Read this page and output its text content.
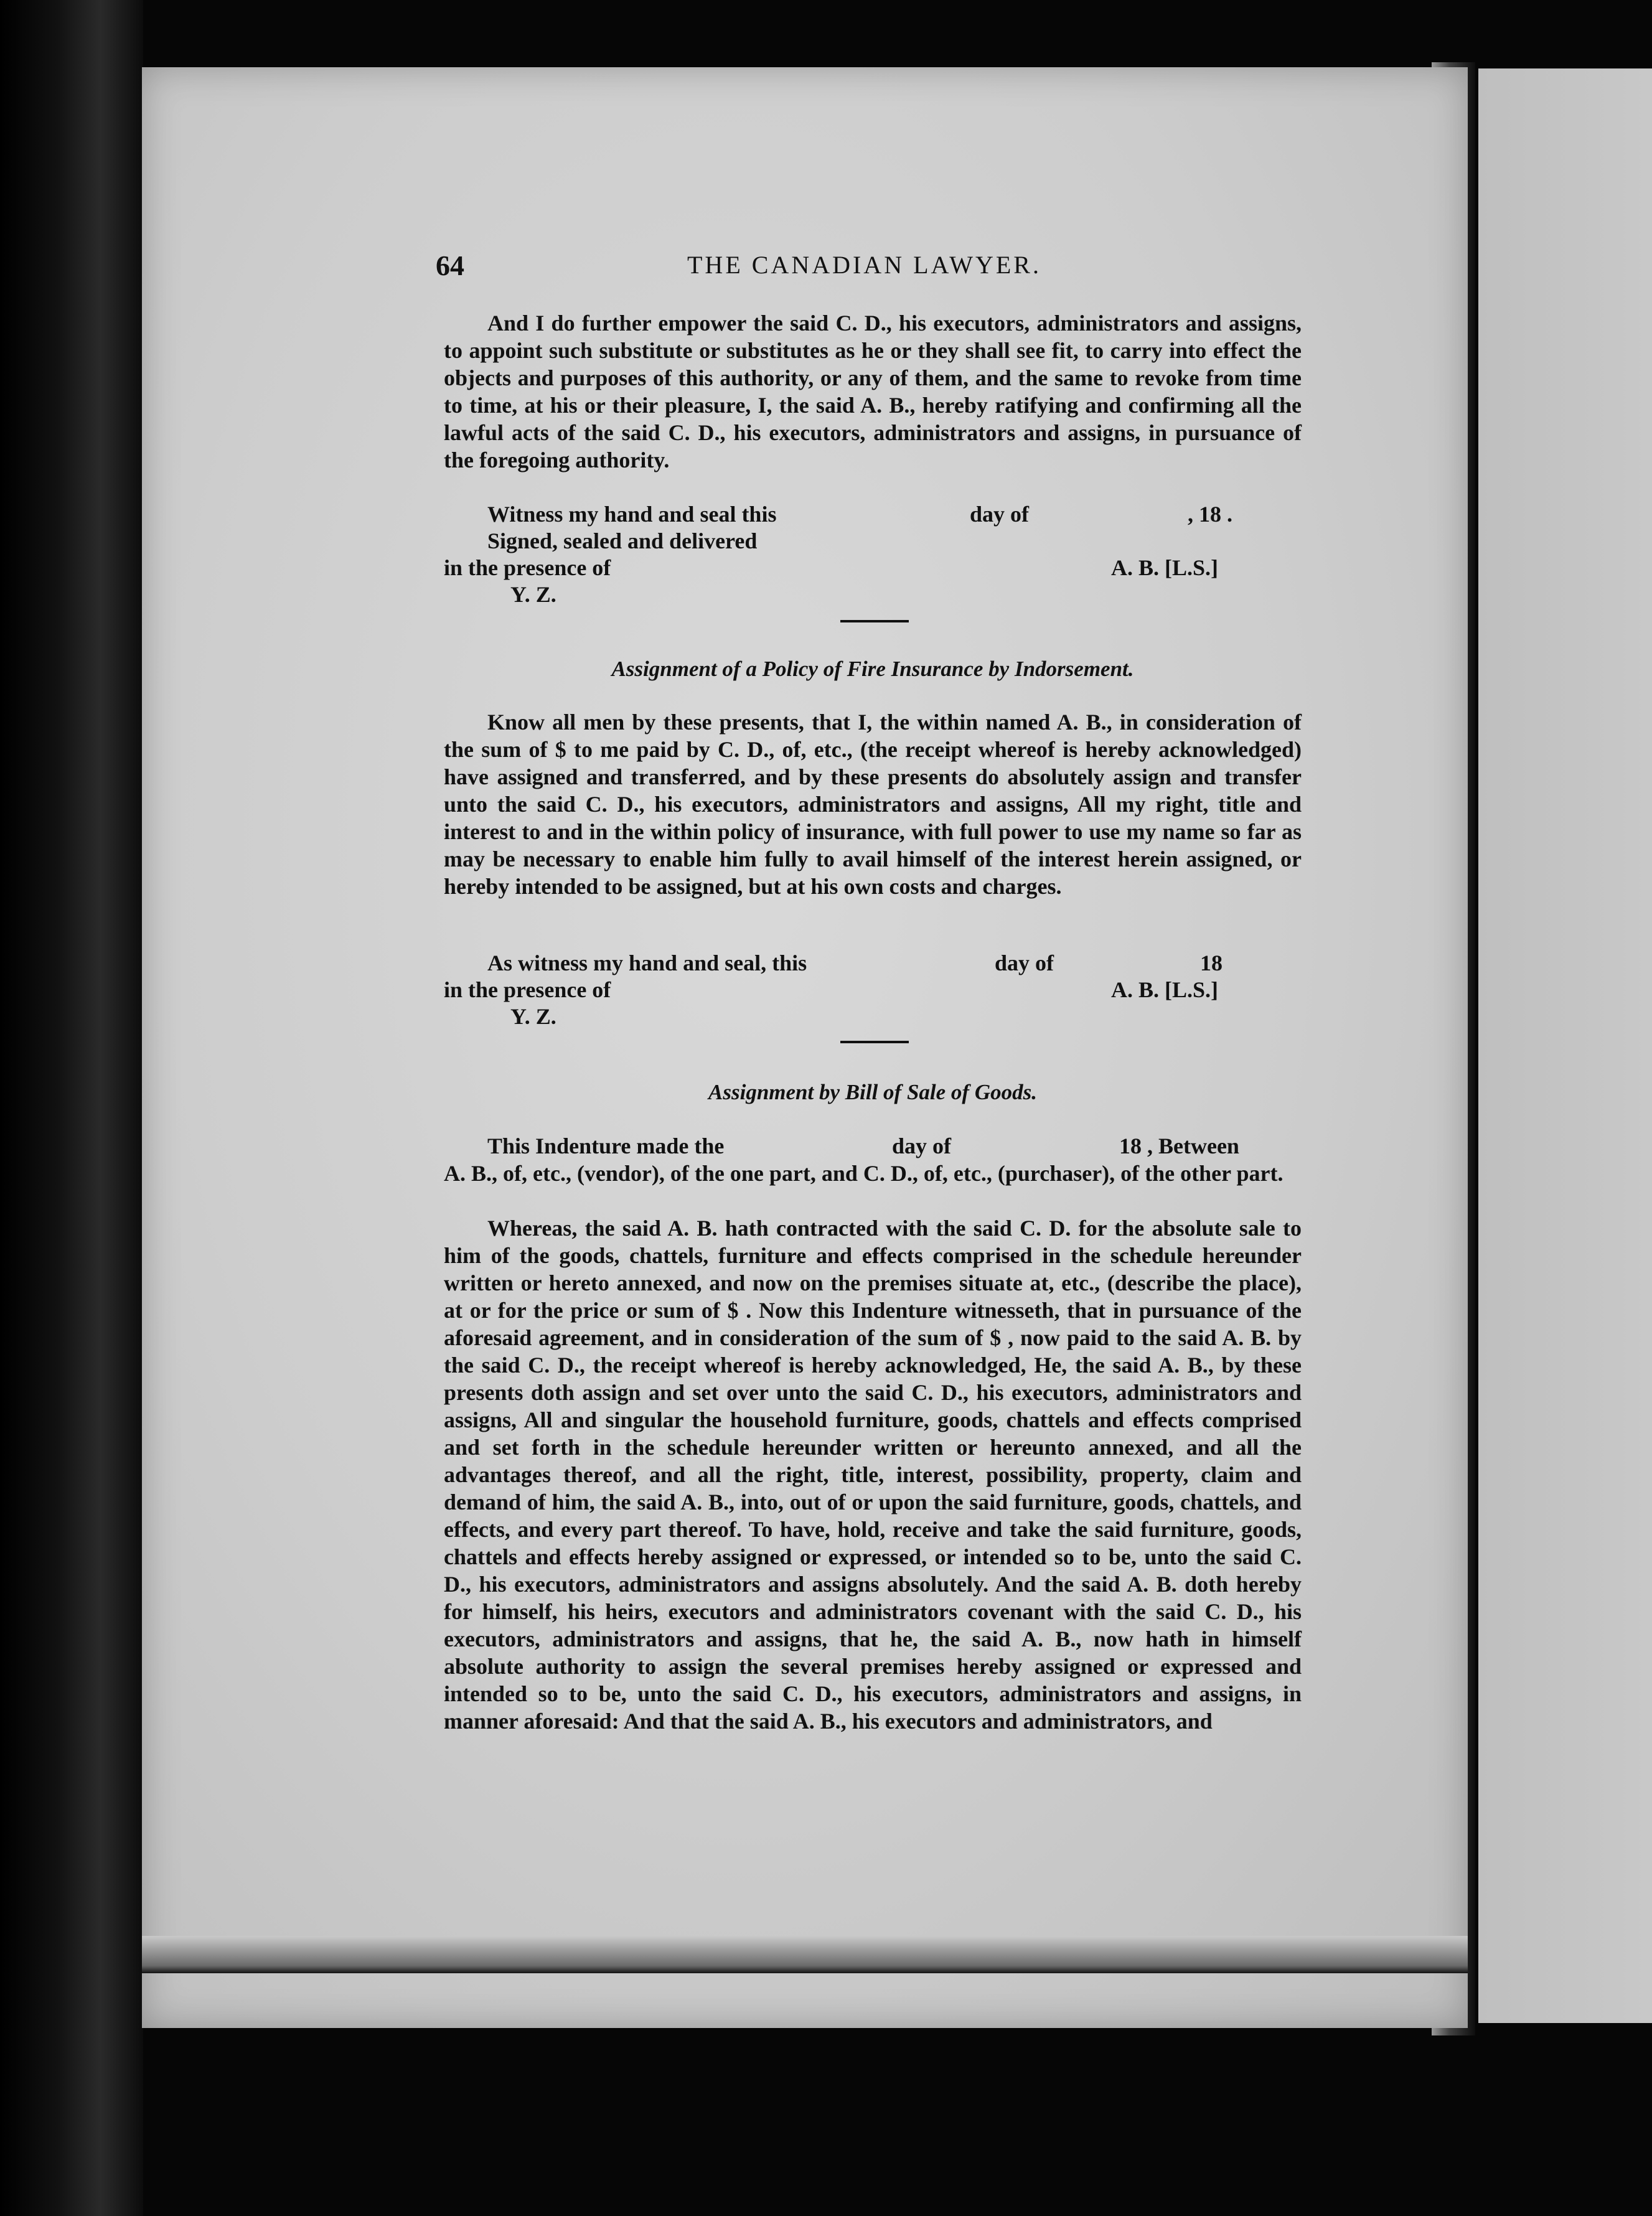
64	THE CANADIAN LAWYER.

And I do further empower the said C. D., his executors, administrators and assigns, to appoint such substitute or substitutes as he or they shall see fit, to carry into effect the objects and purposes of this authority, or any of them, and the same to revoke from time to time, at his or their pleasure, I, the said A. B., hereby ratifying and confirming all the lawful acts of the said C. D., his executors, administrators and assigns, in pursuance of the foregoing authority.

Witness my hand and seal this	day of	, 18 .
Signed, sealed and delivered
in the presence of	A. B. [L.S.]
Y. Z.

Assignment of a Policy of Fire Insurance by Indorsement.

Know all men by these presents, that I, the within named A. B., in consideration of the sum of $ to me paid by C. D., of, etc., (the receipt whereof is hereby acknowledged) have assigned and transferred, and by these presents do absolutely assign and transfer unto the said C. D., his executors, administrators and assigns, All my right, title and interest to and in the within policy of insurance, with full power to use my name so far as may be necessary to enable him fully to avail himself of the interest herein assigned, or hereby intended to be assigned, but at his own costs and charges.

As witness my hand and seal, this	day of	18
in the presence of	A. B. [L.S.]
Y. Z.

Assignment by Bill of Sale of Goods.

This Indenture made the	day of	18 , Between

A. B., of, etc., (vendor), of the one part, and C. D., of, etc., (purchaser), of the other part.

Whereas, the said A. B. hath contracted with the said C. D. for the absolute sale to him of the goods, chattels, furniture and effects comprised in the schedule hereunder written or hereto annexed, and now on the premises situate at, etc., (describe the place), at or for the price or sum of $ . Now this Indenture witnesseth, that in pursuance of the aforesaid agreement, and in consideration of the sum of $ , now paid to the said A. B. by the said C. D., the receipt whereof is hereby acknowledged, He, the said A. B., by these presents doth assign and set over unto the said C. D., his executors, administrators and assigns, All and singular the household furniture, goods, chattels and effects comprised and set forth in the schedule hereunder written or hereunto annexed, and all the advantages thereof, and all the right, title, interest, possibility, property, claim and demand of him, the said A. B., into, out of or upon the said furniture, goods, chattels, and effects, and every part thereof. To have, hold, receive and take the said furniture, goods, chattels and effects hereby assigned or expressed, or intended so to be, unto the said C. D., his executors, administrators and assigns absolutely. And the said A. B. doth hereby for himself, his heirs, executors and administrators covenant with the said C. D., his executors, administrators and assigns, that he, the said A. B., now hath in himself absolute authority to assign the several premises hereby assigned or expressed and intended so to be, unto the said C. D., his executors, administrators and assigns, in manner aforesaid: And that the said A. B., his executors and administrators, and
